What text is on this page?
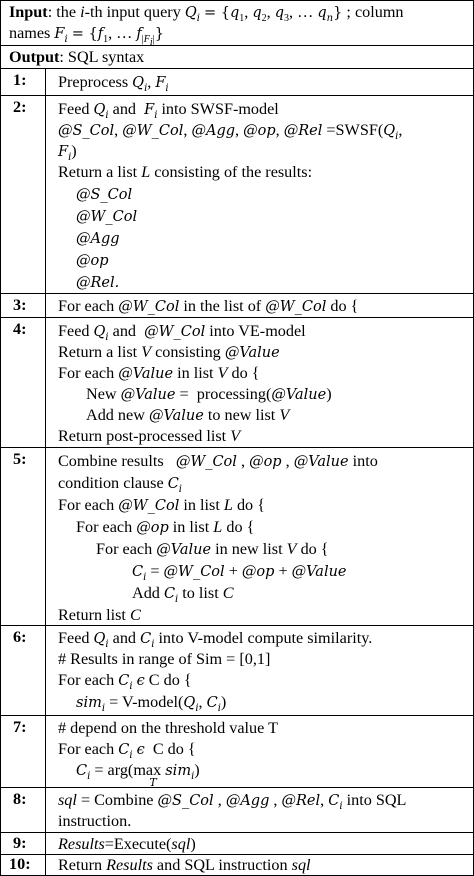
Input: the i-th input query $Q_i = \{q_1$, $q_2$, $q_3$, … $q_n$} ; column
names $F_i = \{f_1$, … $f_{|F_i|}$}
Output: SQL syntax
1: Preprocess $Q_i$, $F_i$
2: Feed $Q_i$ and  $F_i$ into SWSF-model
@S_Col, @W_Col, @Agg, @op, @Rel $=SWSF(Q_i$,
$F_i$)
Return a list L consisting of the results:
@S_Col
@W_Col
@Agg
@op
@Rel.
3: For each @W_Col in the list of @W_Col do {
4: Feed $Q_i$ and  @W_Col into VE-model
Return a list V consisting @Value
For each @Value in list V do {
New @Value =  processing(@Value)
Add new @Value to new list V
Return post-processed list V
5: Combine results   @W_Col , @op , @Value into
condition clause $C_i$
For each @W_Col in list L do {
For each @op in list L do {
For each @Value in new list V do {
$C_i$ = @W_Col + @op + @Value
Add $C_i$ to list C
Return list C
6: Feed $Q_i$ and $C_i$ into V-model compute similarity.
# Results in range of Sim = [0,1]
For each $C_i$ ϵ C do {
$sim_i = V-model(Q_i$, $C_i$)
7: # depend on the threshold value T
For each $C_i$ ϵ  C do {
$C_i = arg(\max$
T
sim$_i$)
8: sql = Combine @S_Col , @Agg , @Rel, $C_i$ into SQL
instruction.
9: Results=Execute(sql)
10: Return Results and SQL instruction sql
